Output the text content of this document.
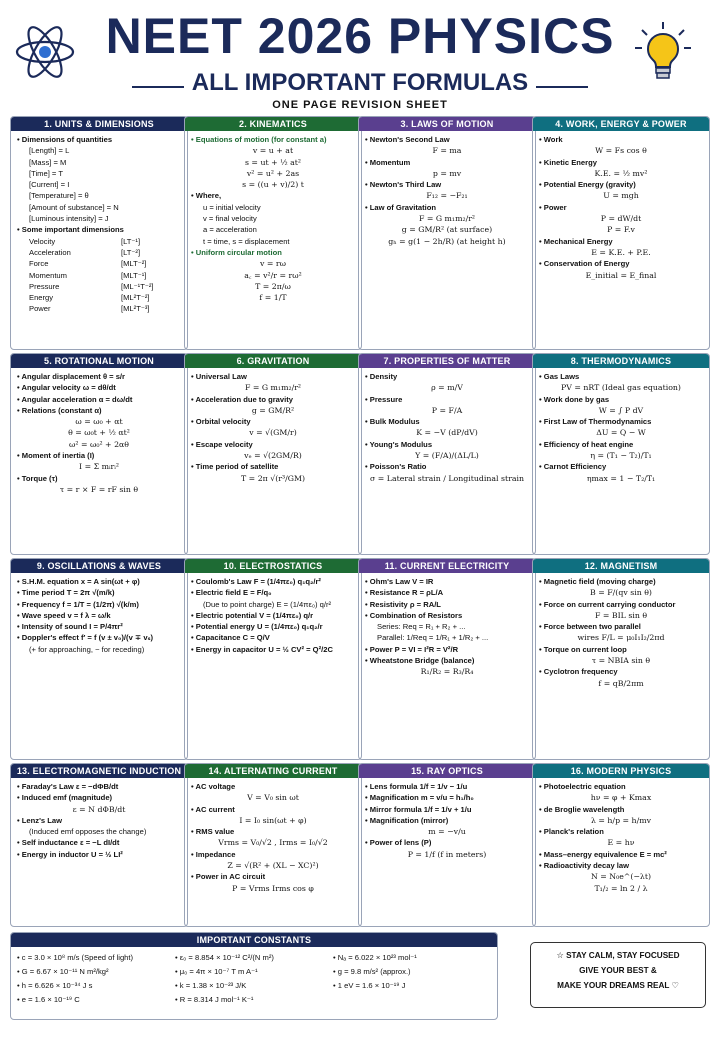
NEET 2026 PHYSICS
ALL IMPORTANT FORMULAS
ONE PAGE REVISION SHEET
1. UNITS & DIMENSIONS
• Dimensions of quantities
[Length] = L
[Mass] = M
[Time] = T
[Current] = I
[Temperature] = θ
[Amount of substance] = N
[Luminous intensity] = J
• Some important dimensions
Velocity	[LT⁻¹]
Acceleration	[LT⁻²]
Force	[MLT⁻²]
Momentum	[MLT⁻¹]
Pressure	[ML⁻¹T⁻²]
Energy	[ML²T⁻²]
Power	[ML²T⁻³]
2. KINEMATICS
• Equations of motion (for constant a)
v = u + at
s = ut + ½ at²
v² = u² + 2as
s = ((u + v)/2) t
• Where,
u = initial velocity
v = final velocity
a = acceleration
t = time, s = displacement
• Uniform circular motion
v = rω
a꜀ = v²/r = rω²
T = 2π/ω
f = 1/T
3. LAWS OF MOTION
• Newton's Second Law
F = ma
• Momentum
p = mv
• Newton's Third Law
F₁₂ = −F₂₁
• Law of Gravitation
F = G m₁m₂/r²
g = GM/R² (at surface)
gₕ = g(1 − 2h/R) (at height h)
4. WORK, ENERGY & POWER
• Work
W = Fs cos θ
• Kinetic Energy
K.E. = ½ mv²
• Potential Energy (gravity)
U = mgh
• Power
P = dW/dt
P = F.v
• Mechanical Energy
E = K.E. + P.E.
• Conservation of Energy
E_initial = E_final
5. ROTATIONAL MOTION
• Angular displacement θ = s/r
• Angular velocity ω = dθ/dt
• Angular acceleration α = dω/dt
• Relations (constant α)
ω = ω₀ + αt
θ = ω₀t + ½ αt²
ω² = ω₀² + 2αθ
• Moment of inertia (I)
I = Σ mᵢrᵢ²
• Torque (τ)
τ = r × F = rF sin θ
6. GRAVITATION
• Universal Law
F = G m₁m₂/r²
• Acceleration due to gravity
g = GM/R²
• Orbital velocity
v = √(GM/r)
• Escape velocity
vₑ = √(2GM/R)
• Time period of satellite
T = 2π √(r³/GM)
7. PROPERTIES OF MATTER
• Density
ρ = m/V
• Pressure
P = F/A
• Bulk Modulus
K = −V (dP/dV)
• Young's Modulus
Y = (F/A)/(ΔL/L)
• Poisson's Ratio
σ = Lateral strain / Longitudinal strain
8. THERMODYNAMICS
• Gas Laws
PV = nRT (Ideal gas equation)
• Work done by gas
W = ∫ P dV
• First Law of Thermodynamics
ΔU = Q − W
• Efficiency of heat engine
η = (T₁ − T₂)/T₁
• Carnot Efficiency
ηmax = 1 − T₂/T₁
9. OSCILLATIONS & WAVES
• S.H.M. equation x = A sin(ωt + φ)
• Time period T = 2π √(m/k)
• Frequency f = 1/T = (1/2π) √(k/m)
• Wave speed v = f λ = ω/k
• Intensity of sound I = P/4πr²
• Doppler's effect f′ = f (v ± v₀)/(v ∓ vₛ)
(+ for approaching, − for receding)
10. ELECTROSTATICS
• Coulomb's Law F = (1/4πε₀) q₁q₂/r²
• Electric field E = F/q₀
(Due to point charge) E = (1/4πε₀) q/r²
• Electric potential V = (1/4πε₀) q/r
• Potential energy U = (1/4πε₀) q₁q₂/r
• Capacitance C = Q/V
• Energy in capacitor U = ½ CV² = Q²/2C
11. CURRENT ELECTRICITY
• Ohm's Law V = IR
• Resistance R = ρL/A
• Resistivity ρ = RA/L
• Combination of Resistors
Series: Req = R₁ + R₂ + ...
Parallel: 1/Req = 1/R₁ + 1/R₂ + ...
• Power P = VI = I²R = V²/R
• Wheatstone Bridge (balance)
R₁/R₂ = R₃/R₄
12. MAGNETISM
• Magnetic field (moving charge)
B = F/(qv sin θ)
• Force on current carrying conductor
F = BIL sin θ
• Force between two parallel
wires F/L = μ₀I₁I₂/2πd
• Torque on current loop
τ = NBIA sin θ
• Cyclotron frequency
f = qB/2πm
13. ELECTROMAGNETIC INDUCTION
• Faraday's Law ε = −dΦB/dt
• Induced emf (magnitude)
ε = N dΦB/dt
• Lenz's Law
(Induced emf opposes the change)
• Self inductance ε = −L dI/dt
• Energy in inductor U = ½ LI²
14. ALTERNATING CURRENT
• AC voltage
V = V₀ sin ωt
• AC current
I = I₀ sin(ωt + φ)
• RMS value
Vrms = V₀/√2 , Irms = I₀/√2
• Impedance
Z = √(R² + (XL − XC)²)
• Power in AC circuit
P = Vrms Irms cos φ
15. RAY OPTICS
• Lens formula 1/f = 1/v − 1/u
• Magnification m = v/u = h₁/h₀
• Mirror formula 1/f = 1/v + 1/u
• Magnification (mirror)
m = −v/u
• Power of lens (P)
P = 1/f (f in meters)
16. MODERN PHYSICS
• Photoelectric equation
hν = φ + Kmax
• de Broglie wavelength
λ = h/p = h/mv
• Planck's relation
E = hν
• Mass–energy equivalence E = mc²
• Radioactivity decay law
N = N₀e^(−λt)
T₁/₂ = ln 2 / λ
IMPORTANT CONSTANTS
• c = 3.0 × 10⁸ m/s (Speed of light)	• ε₀ = 8.854 × 10⁻¹² C²/(N m²)	• Nₐ = 6.022 × 10²³ mol⁻¹
• G = 6.67 × 10⁻¹¹ N m²/kg²	• μ₀ = 4π × 10⁻⁷ T m A⁻¹	• g = 9.8 m/s² (approx.)
• h = 6.626 × 10⁻³⁴ J s	• k = 1.38 × 10⁻²³ J/K	• 1 eV = 1.6 × 10⁻¹⁹ J
• e = 1.6 × 10⁻¹⁹ C	• R = 8.314 J mol⁻¹ K⁻¹
☆ STAY CALM, STAY FOCUSED
GIVE YOUR BEST &
MAKE YOUR DREAMS REAL ♡
